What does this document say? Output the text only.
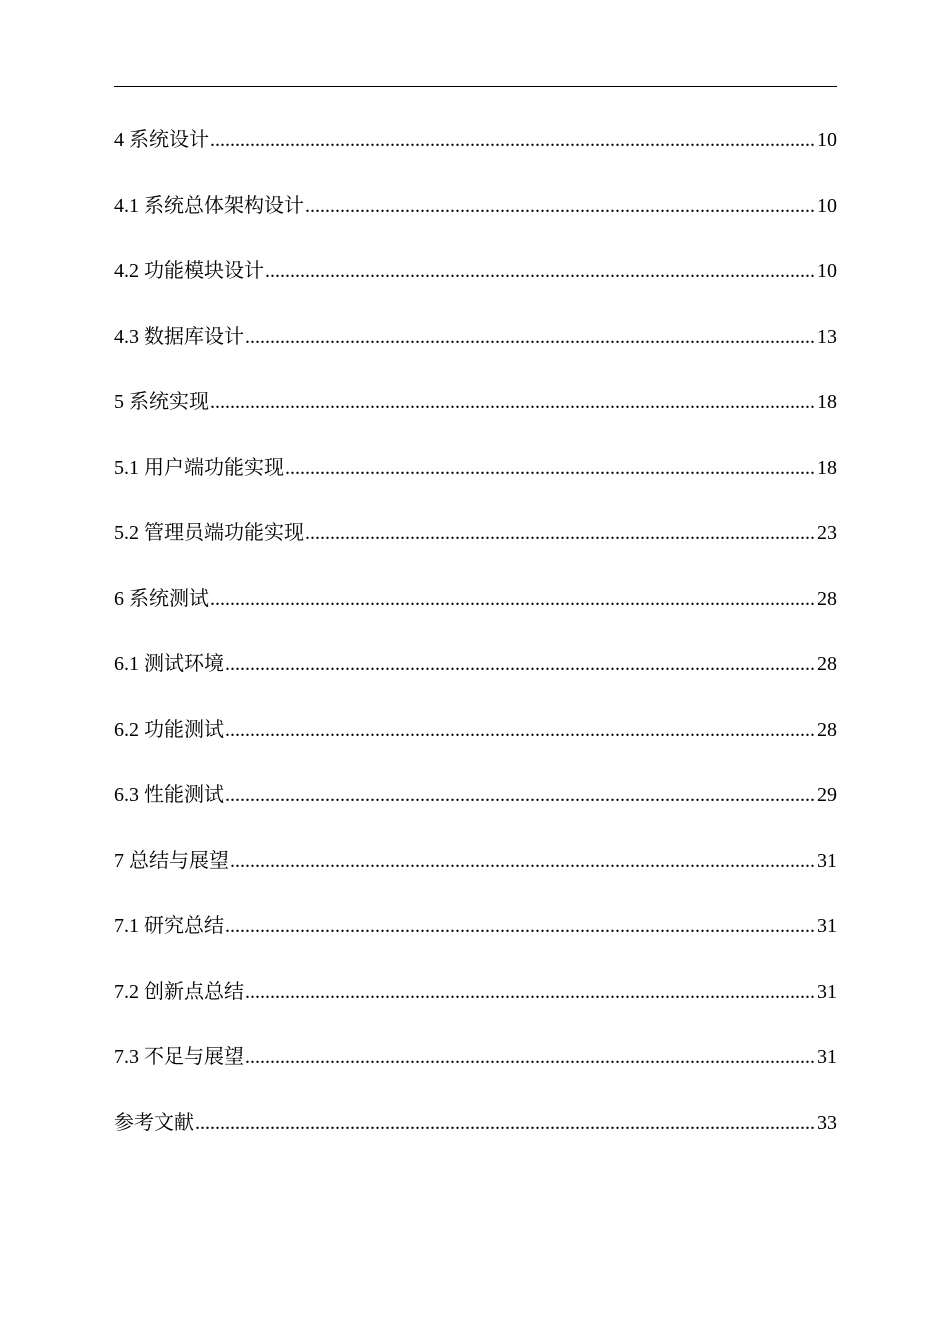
4 系统设计 .....	10
4.1 系统总体架构设计 .....	10
4.2 功能模块设计 .....	10
4.3 数据库设计 .....	13
5 系统实现 .....	18
5.1 用户端功能实现 .....	18
5.2 管理员端功能实现 .....	23
6 系统测试 .....	28
6.1 测试环境 .....	28
6.2 功能测试 .....	28
6.3 性能测试 .....	29
7 总结与展望 .....	31
7.1 研究总结 .....	31
7.2 创新点总结 .....	31
7.3 不足与展望 .....	31
参考文献 .....	33
